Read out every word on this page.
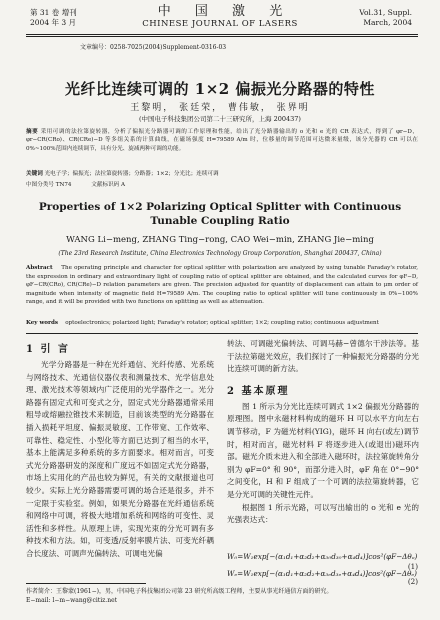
第 31 卷 增刊
2004 年 3 月
中 国 激 光
CHINESE JOURNAL OF LASERS
Vol.31, Suppl.
March, 2004
文章编号：0258-7025(2004)Supplement-0316-03
光纤比连续可调的 1×2 偏振光分路器的特性
王黎明， 张廷荣， 曹伟敏， 张界明
(中国电子科技集团公司第二十三研究所，上海 200437)
摘要 采用可调的法拉第旋转器，分析了偏振光分路器可调的工作原理和性能，给出了光分路器输出的 o 光和 e 光的 CR 表达式，得到了 φr−D，φr−CR(CRo)、CR(CRe)−D 等多组关系的计算曲线，在磁场强度 H=79589 A/m 时，位移量的调节范围可达微米量级，该分光器的 CR 可以在 0%~100%范围内连续调节，具有分光、旋减两种可调的功能。
关键词 光电子学；偏振光；法拉第旋转器；分路器；1×2；分光比；连续可调
中图分类号 TN74	文献标识码 A
Properties of 1×2 Polarizing Optical Splitter with Continuous
Tunable Coupling Ratio
WANG Li−meng, ZHANG Ting−rong, CAO Wei−min, ZHANG Jie−ming
(The 23rd Research Institute, China Electronics Technology Group Corporation, Shanghai 200437, China)
Abstract The operating principle and character for optical splitter with polarization are analyzed by using tunable Faraday's rotator, the expression in ordinary and extraordinary light of coupling ratio of optical splitter are obtained, and the calculated curves for φF−D, φF−CR(CRo), CR(CRe)−D relation parameters are given. The precision adjusted for quantity of displacement can attain to μm order of magnitude when intensity of magnetic field H=79589 A/m. The coupling ratio to optical splitter will tune continuously in 0%−100% range, and it will be provided with two functions on splitting as well as attenuation.
Key words optoelectronics; polarized light; Faraday's rotator; optical splitter; 1×2; coupling ratio; continuous adjustment
1 引 言
光学分路器是一种在光纤通信、光纤传感、光系统与网络技术、光通信仪器仪表和测量技术、光学信息处理、激光技术等领域内广泛使用的光学器件之一。光分路器有固定式和可变式之分，固定式光分路器通常采用粗导或熔融拉锥技术来制造，目前该类型的光分路器在插入损耗平坦度、偏振灵敏度、工作带宽、工作效率、可靠性、稳定性、小型化等方面已达到了相当的水平，基本上能满足多种系统的多方面要求。相对而言，可变式光分路器研发的深度和广度远不如固定式光分路器，市场上实用化的产品也较为鲜见，有关的文献报道也可较少。实际上光分路器需要可调的场合还是很多，并不一定限于实验室。例如，如果光分路器在光纤通信系统和网络中可调，将极大地增加系统和网络的可变性、灵活性和多样性。从原理上讲，实现光束的分光可调有多种技术和方法。如，可变透/反射率膜片法、可变光纤耦合长度法、可调声光偏转法、可调电光偏
转法、可调磁光偏转法、可调马赫−曾德尔干涉法等。基于法拉第磁光效应，我们探讨了一种偏振光分路器的分光比连续可调的新方法。
2 基本原理
图 1 所示为分光比连续可调式 1×2 偏振光分路器的原理图。图中永磁材料构成的磁环 H 可以水平方向左右调节移动，F 为磁光材料(YIG)，磁环 H 向右(或左)调节时，相对而言，磁光材料 F 将逐步进入(或退出)磁环内部。磁光介质未进入和全部进入磁环时，法拉第旋转角分别为 φF=0° 和 90°，而部分进入时，φF 角在 0°−90°之间变化，H 和 F 组成了一个可调的法拉第旋转器，它是分光可调的关键性元件。
根据图 1 所示光路，可以写出输出的 o 光和 e 光的光强表达式：
W₀=W₁exp[−(α₁d₁+α₂d₂+α₃₀d₃₀+α₄d₄)]cos²(φF−Δθₒ)
(1)
Wₑ=W₁exp[−(α₁d₁+α₂d₂+α₃ₑd₃ₑ+α₄d₄)]cos²(φF−Δθₑ)
(2)
作者简介：王黎蒙(1961−)，男，中国电子科技集团公司第 23 研究所高级工程师，主要从事光纤通信方面的研究。
E−mail: l−m−wang@citiz.net
